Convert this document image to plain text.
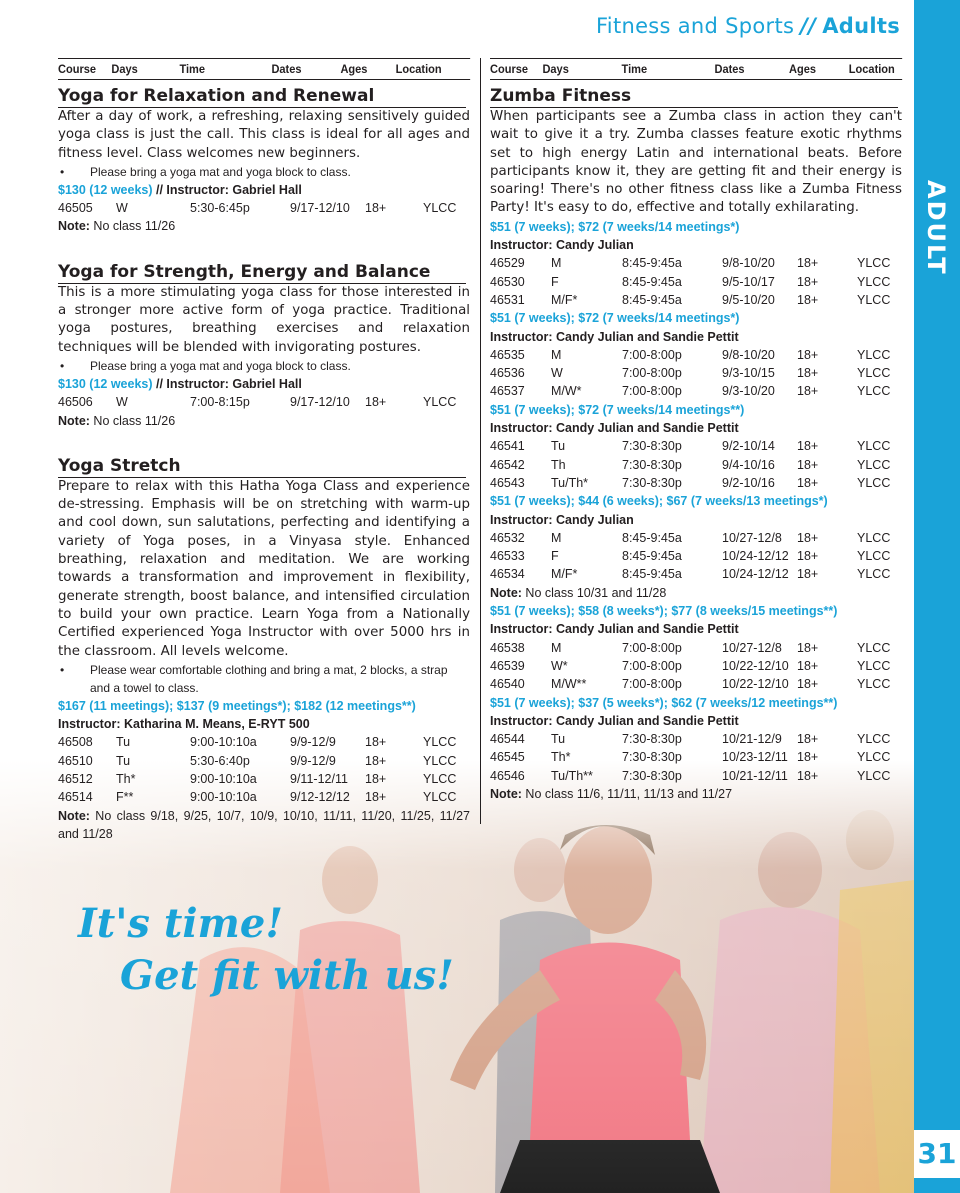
Fitness and Sports // Adults
ADULT
31
It's time!
Get fit with us!
Course	Days	Time	Dates	Ages	Location
Yoga for Relaxation and Renewal

After a day of work, a refreshing, relaxing sensitively guided yoga class is just the call. This class is ideal for all ages and fitness level. Class welcomes new beginners.

• Please bring a yoga mat and yoga block to class.
$130 (12 weeks) // Instructor: Gabriel Hall
46505	W	5:30-6:45p	9/17-12/10	18+	YLCC
Note: No class 11/26
Yoga for Strength, Energy and Balance

This is a more stimulating yoga class for those interested in a stronger more active form of yoga practice. Traditional yoga postures, breathing exercises and relaxation techniques will be blended with invigorating postures.

• Please bring a yoga mat and yoga block to class.
$130 (12 weeks) // Instructor: Gabriel Hall
46506	W	7:00-8:15p	9/17-12/10	18+	YLCC
Note: No class 11/26
Yoga Stretch

Prepare to relax with this Hatha Yoga Class and experience de-stressing. Emphasis will be on stretching with warm-up and cool down, sun salutations, perfecting and identifying a variety of Yoga poses, in a Vinyasa style. Enhanced breathing, relaxation and meditation. We are working towards a transformation and improvement in flexibility, generate strength, boost balance, and intensified circulation to build your own practice. Learn Yoga from a Nationally Certified experienced Yoga Instructor with over 5000 hrs in the classroom. All levels welcome.

• Please wear comfortable clothing and bring a mat, 2 blocks, a strap and a towel to class.
$167 (11 meetings); $137 (9 meetings*); $182 (12 meetings**)
Instructor: Katharina M. Means, E-RYT 500
46508	Tu	9:00-10:10a	9/9-12/9	18+	YLCC
46510	Tu	5:30-6:40p	9/9-12/9	18+	YLCC
46512	Th*	9:00-10:10a	9/11-12/11	18+	YLCC
46514	F**	9:00-10:10a	9/12-12/12	18+	YLCC
Note: No class 9/18, 9/25, 10/7, 10/9, 10/10, 11/11, 11/20, 11/25, 11/27 and 11/28
Course	Days	Time	Dates	Ages	Location
Zumba Fitness

When participants see a Zumba class in action they can't wait to give it a try. Zumba classes feature exotic rhythms set to high energy Latin and international beats. Before participants know it, they are getting fit and their energy is soaring! There's no other fitness class like a Zumba Fitness Party! It's easy to do, effective and totally exhilarating.

$51 (7 weeks); $72 (7 weeks/14 meetings*)
Instructor: Candy Julian
46529	M	8:45-9:45a	9/8-10/20	18+	YLCC
46530	F	8:45-9:45a	9/5-10/17	18+	YLCC
46531	M/F*	8:45-9:45a	9/5-10/20	18+	YLCC
$51 (7 weeks); $72 (7 weeks/14 meetings*)
Instructor: Candy Julian and Sandie Pettit
46535	M	7:00-8:00p	9/8-10/20	18+	YLCC
46536	W	7:00-8:00p	9/3-10/15	18+	YLCC
46537	M/W*	7:00-8:00p	9/3-10/20	18+	YLCC
$51 (7 weeks); $72 (7 weeks/14 meetings**)
Instructor: Candy Julian and Sandie Pettit
46541	Tu	7:30-8:30p	9/2-10/14	18+	YLCC
46542	Th	7:30-8:30p	9/4-10/16	18+	YLCC
46543	Tu/Th*	7:30-8:30p	9/2-10/16	18+	YLCC
$51 (7 weeks); $44 (6 weeks); $67 (7 weeks/13 meetings*)
Instructor: Candy Julian
46532	M	8:45-9:45a	10/27-12/8	18+	YLCC
46533	F	8:45-9:45a	10/24-12/12 18+	YLCC
46534	M/F*	8:45-9:45a	10/24-12/12 18+	YLCC
Note: No class 10/31 and 11/28
$51 (7 weeks); $58 (8 weeks*); $77 (8 weeks/15 meetings**)
Instructor: Candy Julian and Sandie Pettit
46538	M	7:00-8:00p	10/27-12/8	18+	YLCC
46539	W*	7:00-8:00p	10/22-12/10 18+	YLCC
46540	M/W**	7:00-8:00p	10/22-12/10 18+	YLCC
$51 (7 weeks); $37 (5 weeks*); $62 (7 weeks/12 meetings**)
Instructor: Candy Julian and Sandie Pettit
46544	Tu	7:30-8:30p	10/21-12/9	18+	YLCC
46545	Th*	7:30-8:30p	10/23-12/11 18+	YLCC
46546	Tu/Th**	7:30-8:30p	10/21-12/11 18+	YLCC
Note: No class 11/6, 11/11, 11/13 and 11/27
